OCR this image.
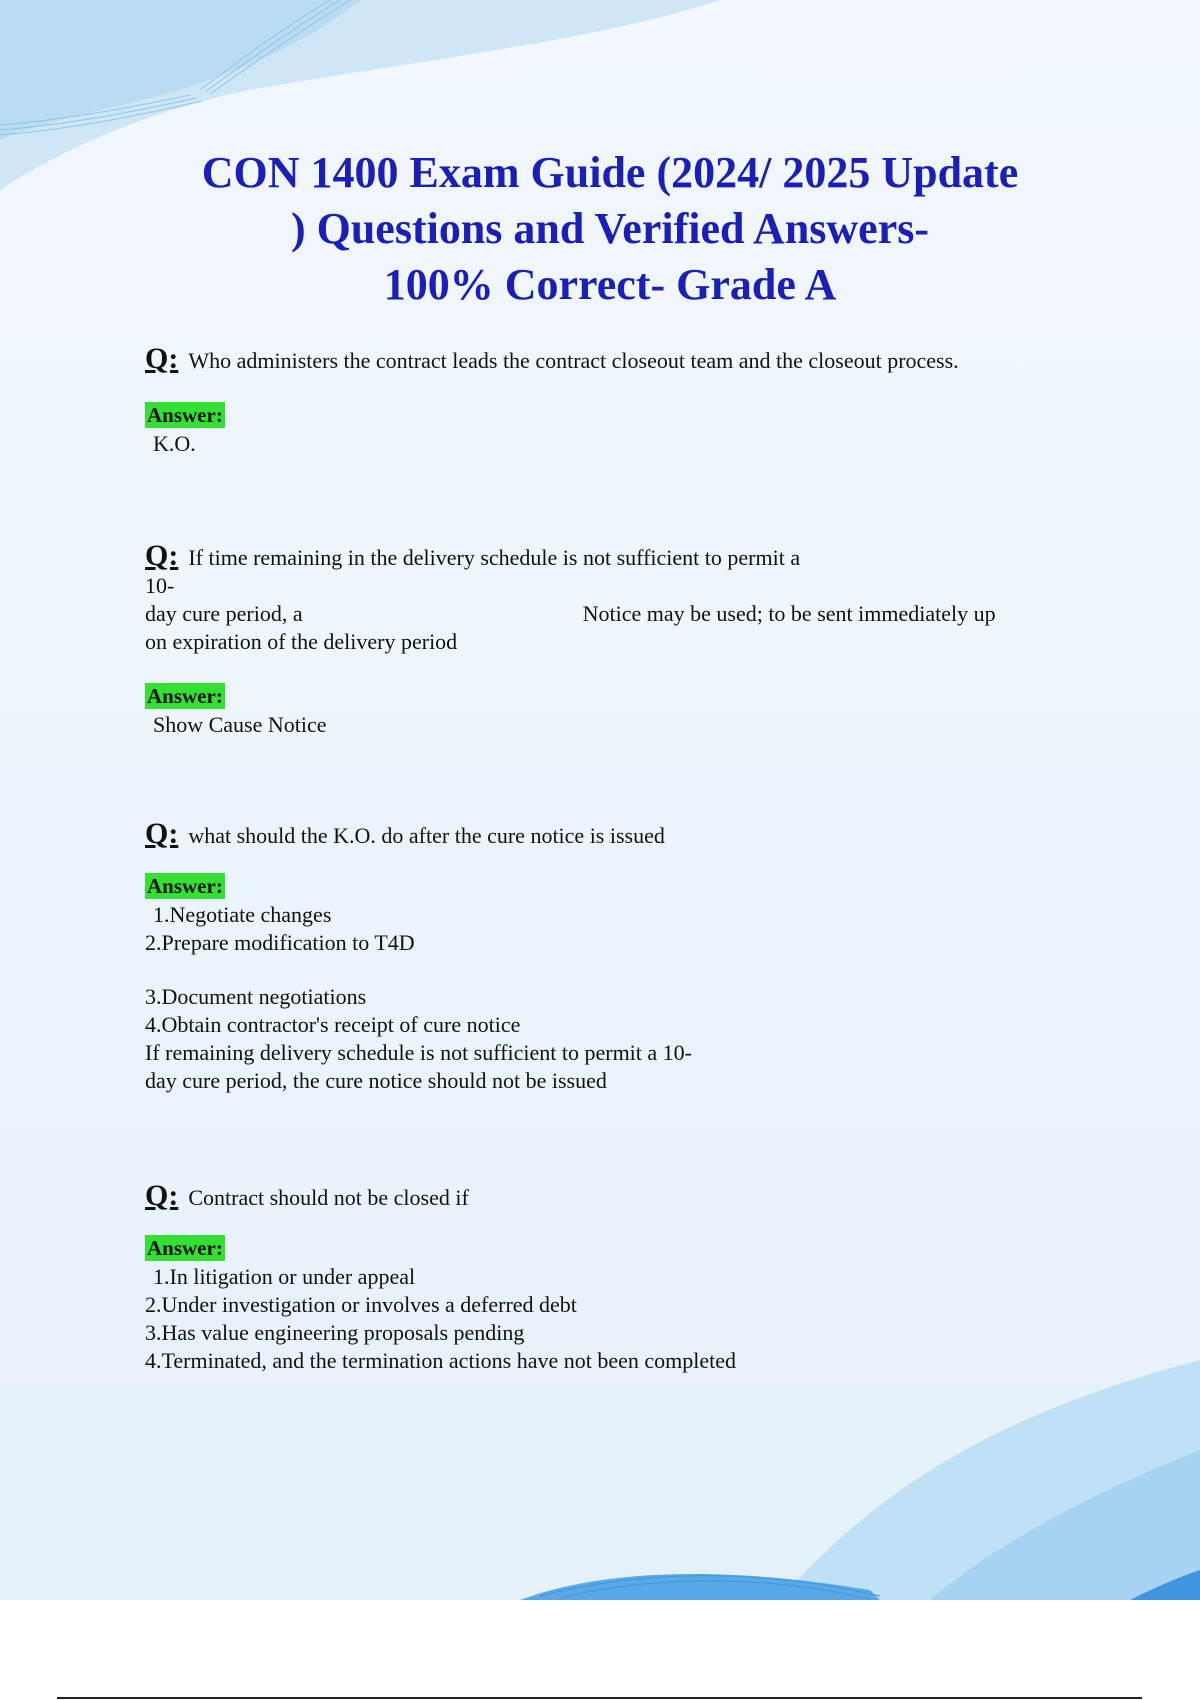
CON 1400 Exam Guide (2024/ 2025 Update
) Questions and Verified Answers-
100% Correct- Grade A
Q: Who administers the contract leads the contract closeout team and the closeout process.
Answer:
K.O.
Q: If time remaining in the delivery schedule is not sufficient to permit a
10-
day cure period, a	Notice may be used; to be sent immediately up
on expiration of the delivery period
Answer:
Show Cause Notice
Q: what should the K.O. do after the cure notice is issued
Answer:
1.Negotiate changes
2.Prepare modification to T4D
3.Document negotiations
4.Obtain contractor's receipt of cure notice
If remaining delivery schedule is not sufficient to permit a 10-
day cure period, the cure notice should not be issued
Q: Contract should not be closed if
Answer:
1.In litigation or under appeal
2.Under investigation or involves a deferred debt
3.Has value engineering proposals pending
4.Terminated, and the termination actions have not been completed
